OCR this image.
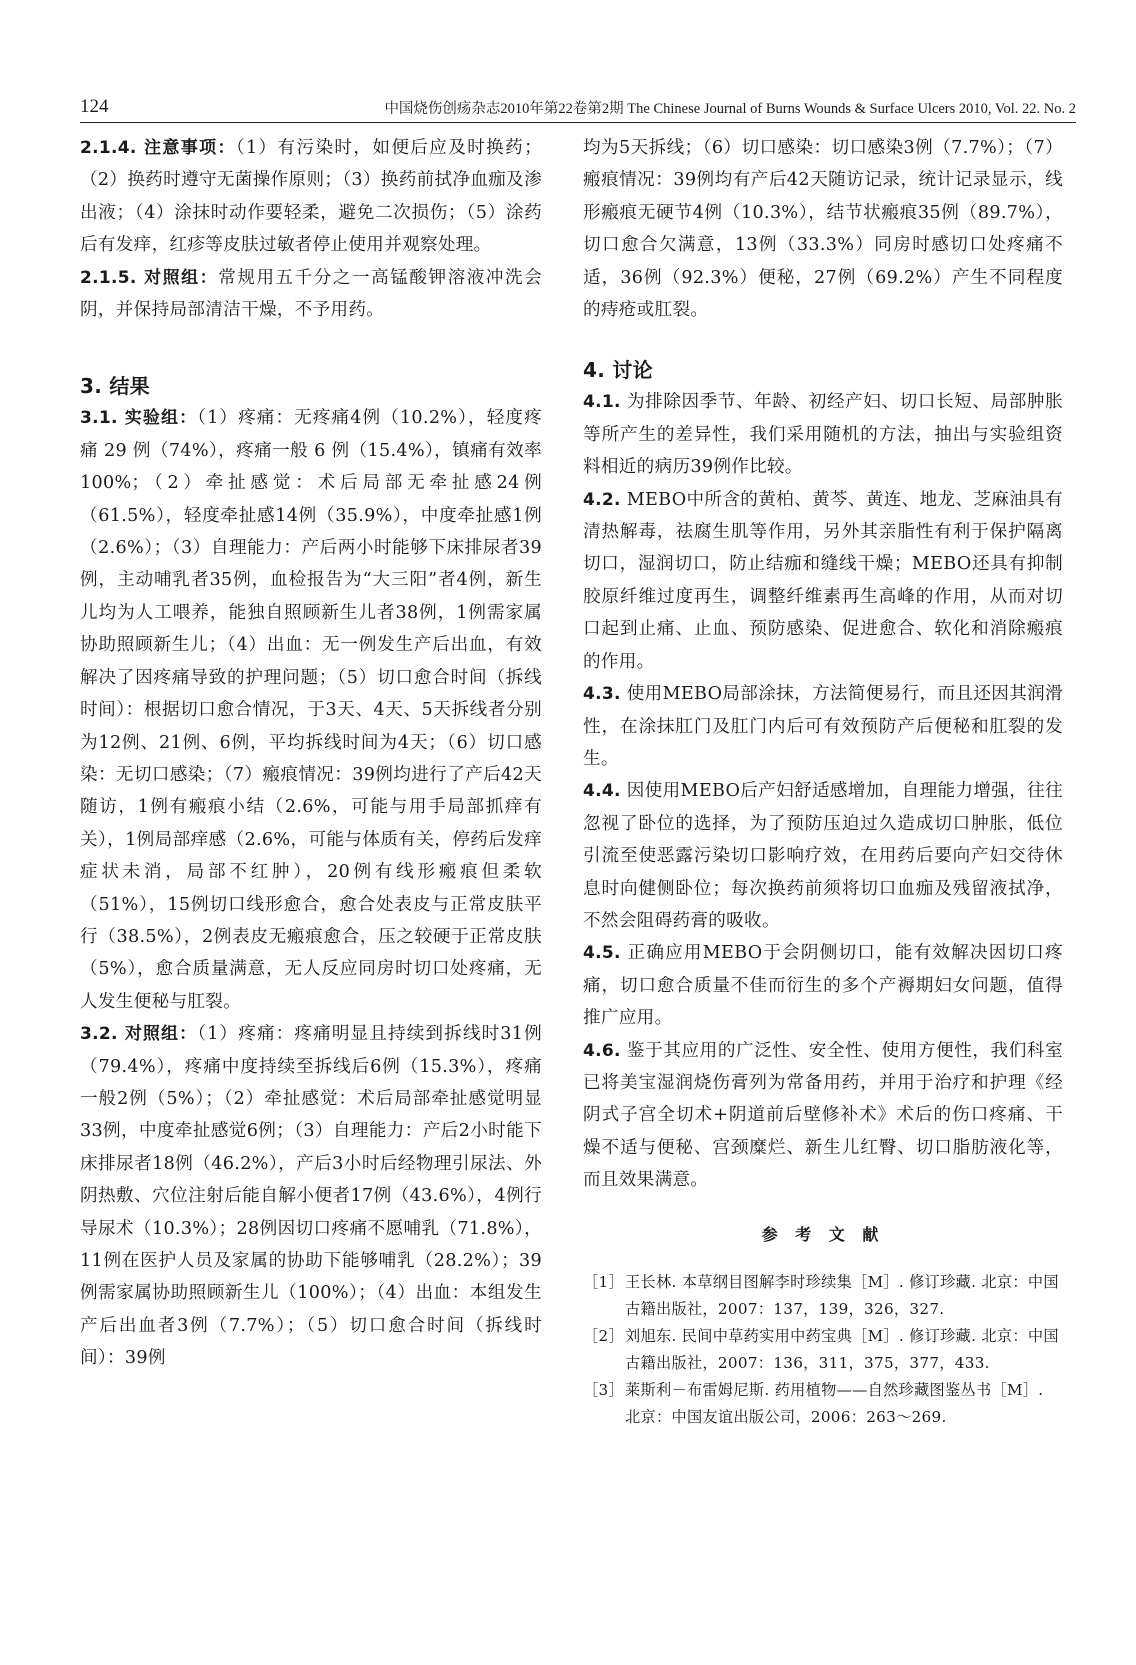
124	中国烧伤创疡杂志2010年第22卷第2期 The Chinese Journal of Burns Wounds & Surface Ulcers 2010, Vol. 22. No. 2

2.1.4. 注意事项：（1）有污染时，如便后应及时换药；（2）换药时遵守无菌操作原则；（3）换药前拭净血痂及渗出液；（4）涂抹时动作要轻柔，避免二次损伤；（5）涂药后有发痒，红疹等皮肤过敏者停止使用并观察处理。

2.1.5. 对照组：常规用五千分之一高锰酸钾溶液冲洗会阴，并保持局部清洁干燥，不予用药。

3. 结果

3.1. 实验组：（1）疼痛：无疼痛4例（10.2%），轻度疼痛 29 例（74%），疼痛一般 6 例（15.4%），镇痛有效率100%；（2）牵扯感觉：术后局部无牵扯感24例（61.5%），轻度牵扯感14例（35.9%），中度牵扯感1例（2.6%）；（3）自理能力：产后两小时能够下床排尿者39例，主动哺乳者35例，血检报告为“大三阳”者4例，新生儿均为人工喂养，能独自照顾新生儿者38例，1例需家属协助照顾新生儿；（4）出血：无一例发生产后出血，有效解决了因疼痛导致的护理问题；（5）切口愈合时间（拆线时间）：根据切口愈合情况，于3天、4天、5天拆线者分别为12例、21例、6例，平均拆线时间为4天；（6）切口感染：无切口感染；（7）瘢痕情况：39例均进行了产后42天随访，1例有瘢痕小结（2.6%，可能与用手局部抓痒有关），1例局部痒感（2.6%，可能与体质有关，停药后发痒症状未消，局部不红肿），20例有线形瘢痕但柔软（51%），15例切口线形愈合，愈合处表皮与正常皮肤平行（38.5%），2例表皮无瘢痕愈合，压之较硬于正常皮肤（5%），愈合质量满意，无人反应同房时切口处疼痛，无人发生便秘与肛裂。

3.2. 对照组：（1）疼痛：疼痛明显且持续到拆线时31例（79.4%），疼痛中度持续至拆线后6例（15.3%），疼痛一般2例（5%）；（2）牵扯感觉：术后局部牵扯感觉明显33例，中度牵扯感觉6例；（3）自理能力：产后2小时能下床排尿者18例（46.2%），产后3小时后经物理引尿法、外阴热敷、穴位注射后能自解小便者17例（43.6%），4例行导尿术（10.3%）；28例因切口疼痛不愿哺乳（71.8%），11例在医护人员及家属的协助下能够哺乳（28.2%）；39例需家属协助照顾新生儿（100%）；（4）出血：本组发生产后出血者3例（7.7%）；（5）切口愈合时间（拆线时间）：39例

均为5天拆线；（6）切口感染：切口感染3例（7.7%）；（7）瘢痕情况：39例均有产后42天随访记录，统计记录显示，线形瘢痕无硬节4例（10.3%），结节状瘢痕35例（89.7%），切口愈合欠满意，13例（33.3%）同房时感切口处疼痛不适，36例（92.3%）便秘，27例（69.2%）产生不同程度的痔疮或肛裂。

4. 讨论

4.1. 为排除因季节、年龄、初经产妇、切口长短、局部肿胀等所产生的差异性，我们采用随机的方法，抽出与实验组资料相近的病历39例作比较。

4.2. MEBO中所含的黄柏、黄芩、黄连、地龙、芝麻油具有清热解毒，祛腐生肌等作用，另外其亲脂性有利于保护隔离切口，湿润切口，防止结痂和缝线干燥；MEBO还具有抑制胶原纤维过度再生，调整纤维素再生高峰的作用，从而对切口起到止痛、止血、预防感染、促进愈合、软化和消除瘢痕的作用。

4.3. 使用MEBO局部涂抹，方法简便易行，而且还因其润滑性，在涂抹肛门及肛门内后可有效预防产后便秘和肛裂的发生。

4.4. 因使用MEBO后产妇舒适感增加，自理能力增强，往往忽视了卧位的选择，为了预防压迫过久造成切口肿胀，低位引流至使恶露污染切口影响疗效，在用药后要向产妇交待休息时向健侧卧位；每次换药前须将切口血痂及残留液拭净，不然会阻碍药膏的吸收。

4.5. 正确应用MEBO于会阴侧切口，能有效解决因切口疼痛，切口愈合质量不佳而衍生的多个产褥期妇女问题，值得推广应用。

4.6. 鉴于其应用的广泛性、安全性、使用方便性，我们科室已将美宝湿润烧伤膏列为常备用药，并用于治疗和护理《经阴式子宫全切术+阴道前后壁修补术》术后的伤口疼痛、干燥不适与便秘、宫颈糜烂、新生儿红臀、切口脂肪液化等，而且效果满意。

参 考 文 献
［1］ 王长林. 本草纲目图解李时珍续集［M］. 修订珍藏. 北京：中国古籍出版社，2007：137，139，326，327.
［2］ 刘旭东. 民间中草药实用中药宝典［M］. 修订珍藏. 北京：中国古籍出版社，2007：136，311，375，377，433.
［3］ 莱斯利－布雷姆尼斯. 药用植物——自然珍藏图鉴丛书［M］. 北京：中国友谊出版公司，2006：263～269.
